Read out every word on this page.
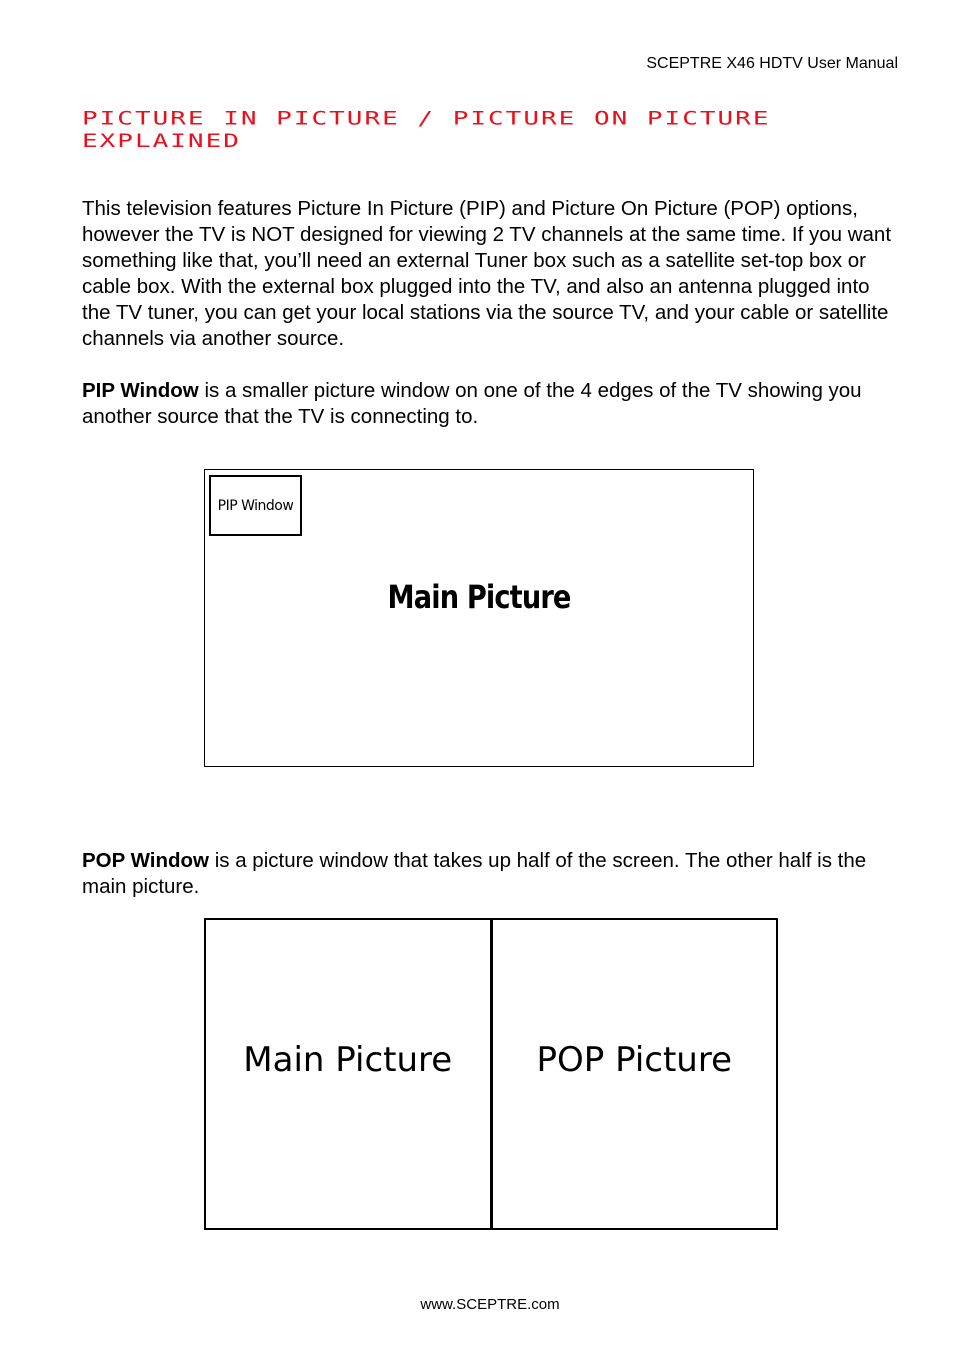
SCEPTRE X46 HDTV User Manual
PICTURE IN PICTURE / PICTURE ON PICTURE EXPLAINED

This television features Picture In Picture (PIP) and Picture On Picture (POP) options, however the TV is NOT designed for viewing 2 TV channels at the same time. If you want something like that, you’ll need an external Tuner box such as a satellite set-top box or cable box. With the external box plugged into the TV, and also an antenna plugged into the TV tuner, you can get your local stations via the source TV, and your cable or satellite channels via another source.

PIP Window is a smaller picture window on one of the 4 edges of the TV showing you another source that the TV is connecting to.

PIP Window
Main Picture

POP Window is a picture window that takes up half of the screen. The other half is the main picture.

Main Picture	POP Picture
www.SCEPTRE.com
